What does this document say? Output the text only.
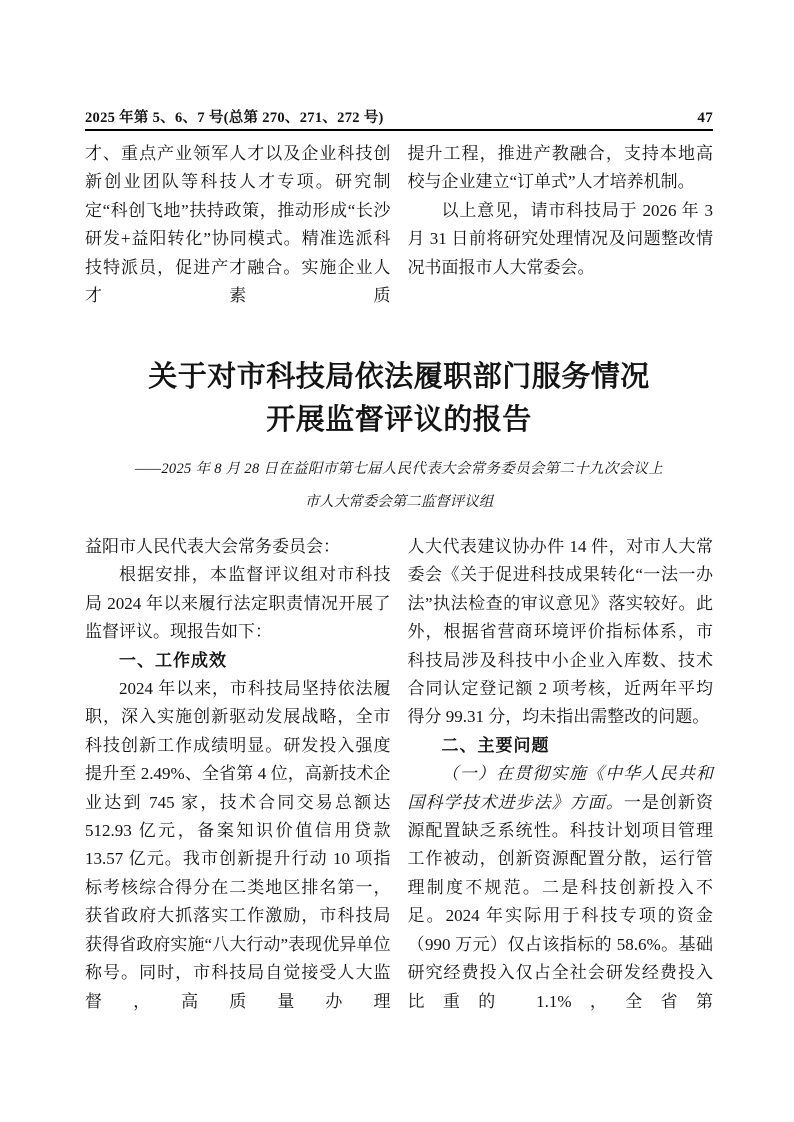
2025 年第 5、6、7 号(总第 270、271、272 号)	47

才、重点产业领军人才以及企业科技创新创业团队等科技人才专项。研究制定“科创飞地”扶持政策，推动形成“长沙研发+益阳转化”协同模式。精准选派科技特派员，促进产才融合。实施企业人才素质

提升工程，推进产教融合，支持本地高校与企业建立“订单式”人才培养机制。

以上意见，请市科技局于 2026 年 3 月 31 日前将研究处理情况及问题整改情况书面报市人大常委会。

关于对市科技局依法履职部门服务情况
开展监督评议的报告
——2025 年 8 月 28 日在益阳市第七届人民代表大会常务委员会第二十九次会议上
市人大常委会第二监督评议组

益阳市人民代表大会常务委员会：

根据安排，本监督评议组对市科技局 2024 年以来履行法定职责情况开展了监督评议。现报告如下：

一、工作成效

2024 年以来，市科技局坚持依法履职，深入实施创新驱动发展战略，全市科技创新工作成绩明显。研发投入强度提升至 2.49%、全省第 4 位，高新技术企业达到 745 家，技术合同交易总额达 512.93 亿元，备案知识价值信用贷款 13.57 亿元。我市创新提升行动 10 项指标考核综合得分在二类地区排名第一，获省政府大抓落实工作激励，市科技局获得省政府实施“八大行动”表现优异单位称号。同时，市科技局自觉接受人大监督，高质量办理

人大代表建议协办件 14 件，对市人大常委会《关于促进科技成果转化“一法一办法”执法检查的审议意见》落实较好。此外，根据省营商环境评价指标体系，市科技局涉及科技中小企业入库数、技术合同认定登记额 2 项考核，近两年平均得分 99.31 分，均未指出需整改的问题。

二、主要问题

（一）在贯彻实施《中华人民共和国科学技术进步法》方面。一是创新资源配置缺乏系统性。科技计划项目管理工作被动，创新资源配置分散，运行管理制度不规范。二是科技创新投入不足。2024 年实际用于科技专项的资金（990 万元）仅占该指标的 58.6%。基础研究经费投入仅占全社会研发经费投入比重的 1.1%，全省第
